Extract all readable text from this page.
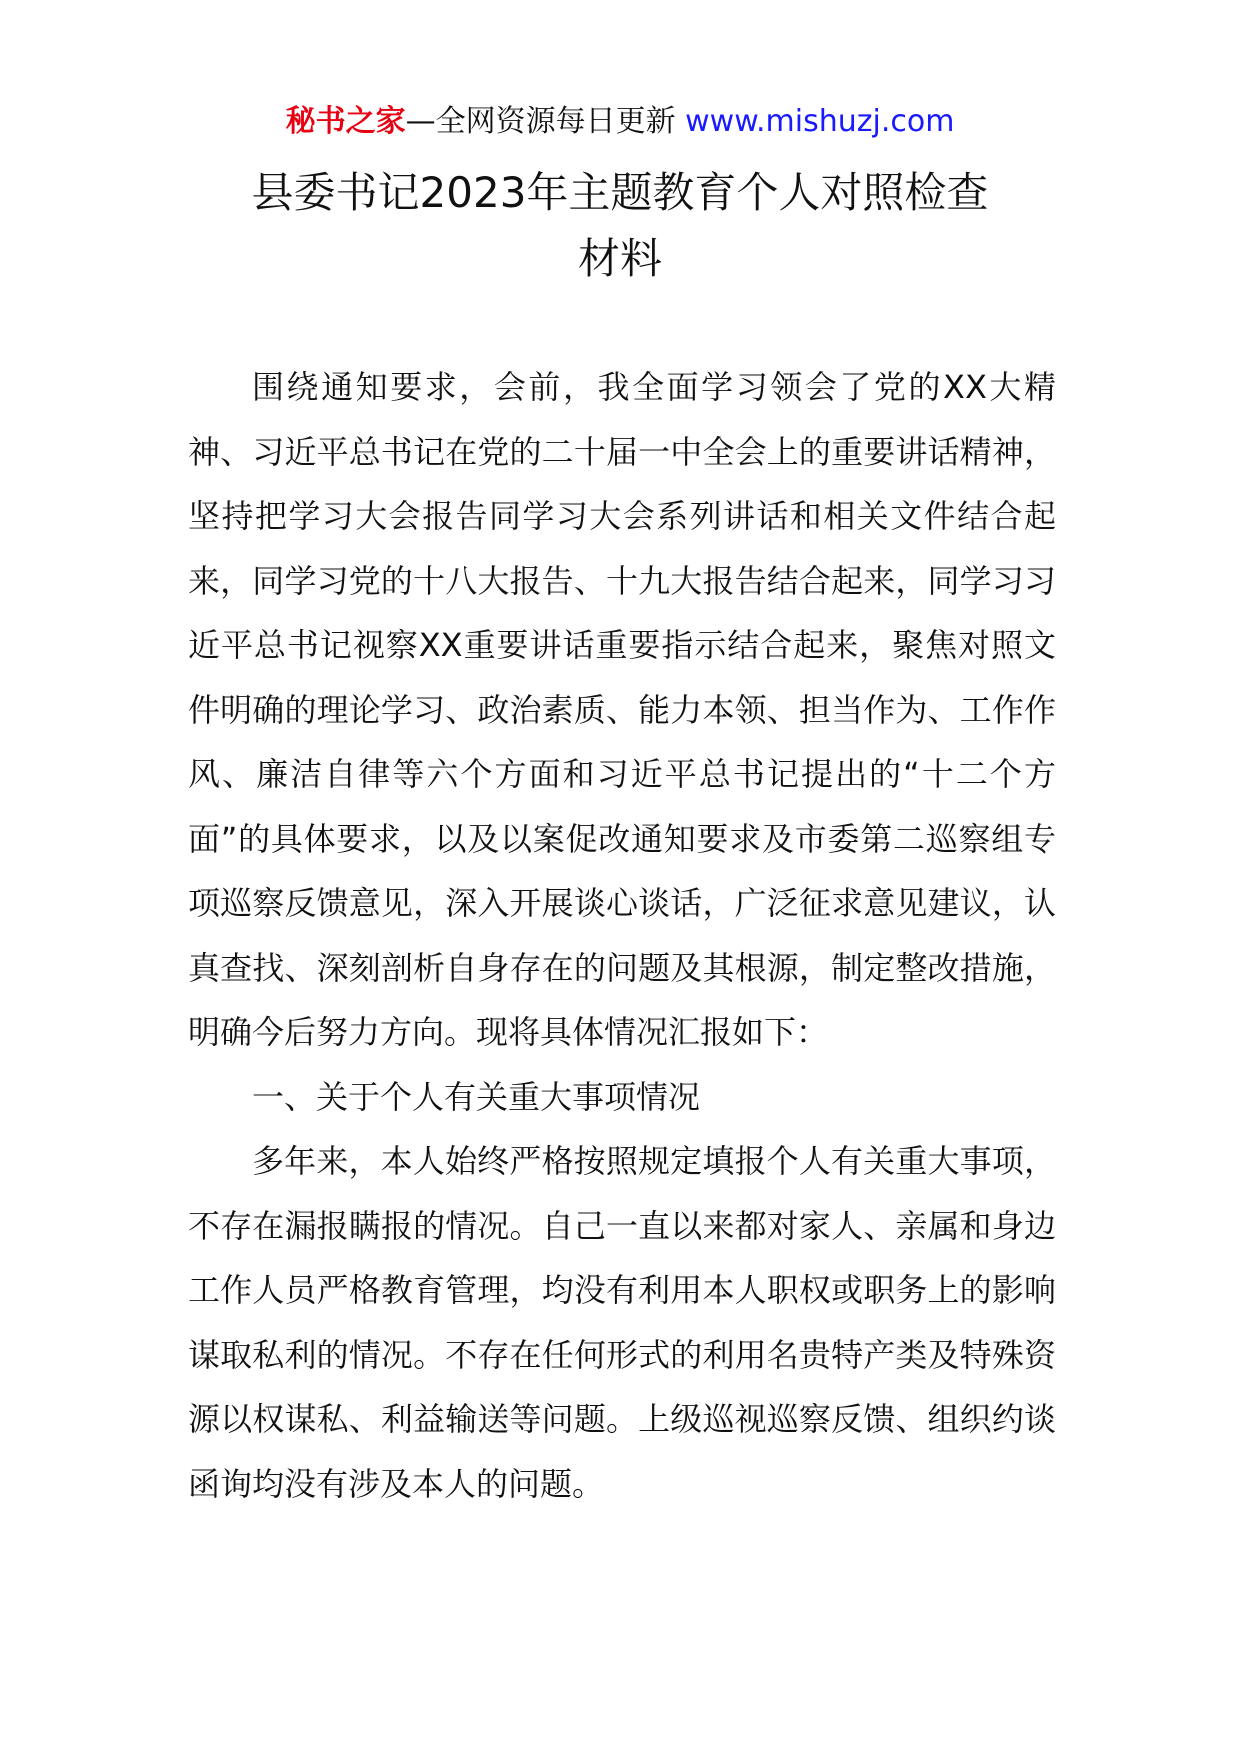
秘书之家—全网资源每日更新 www.mishuzj.com
县委书记2023年主题教育个人对照检查
材料

围绕通知要求，会前，我全面学习领会了党的XX大精神、习近平总书记在党的二十届一中全会上的重要讲话精神，坚持把学习大会报告同学习大会系列讲话和相关文件结合起来，同学习党的十八大报告、十九大报告结合起来，同学习习近平总书记视察XX重要讲话重要指示结合起来，聚焦对照文件明确的理论学习、政治素质、能力本领、担当作为、工作作风、廉洁自律等六个方面和习近平总书记提出的“十二个方面”的具体要求，以及以案促改通知要求及市委第二巡察组专项巡察反馈意见，深入开展谈心谈话，广泛征求意见建议，认真查找、深刻剖析自身存在的问题及其根源，制定整改措施，明确今后努力方向。现将具体情况汇报如下：

一、关于个人有关重大事项情况

多年来，本人始终严格按照规定填报个人有关重大事项，不存在漏报瞒报的情况。自己一直以来都对家人、亲属和身边工作人员严格教育管理，均没有利用本人职权或职务上的影响谋取私利的情况。不存在任何形式的利用名贵特产类及特殊资源以权谋私、利益输送等问题。上级巡视巡察反馈、组织约谈函询均没有涉及本人的问题。
